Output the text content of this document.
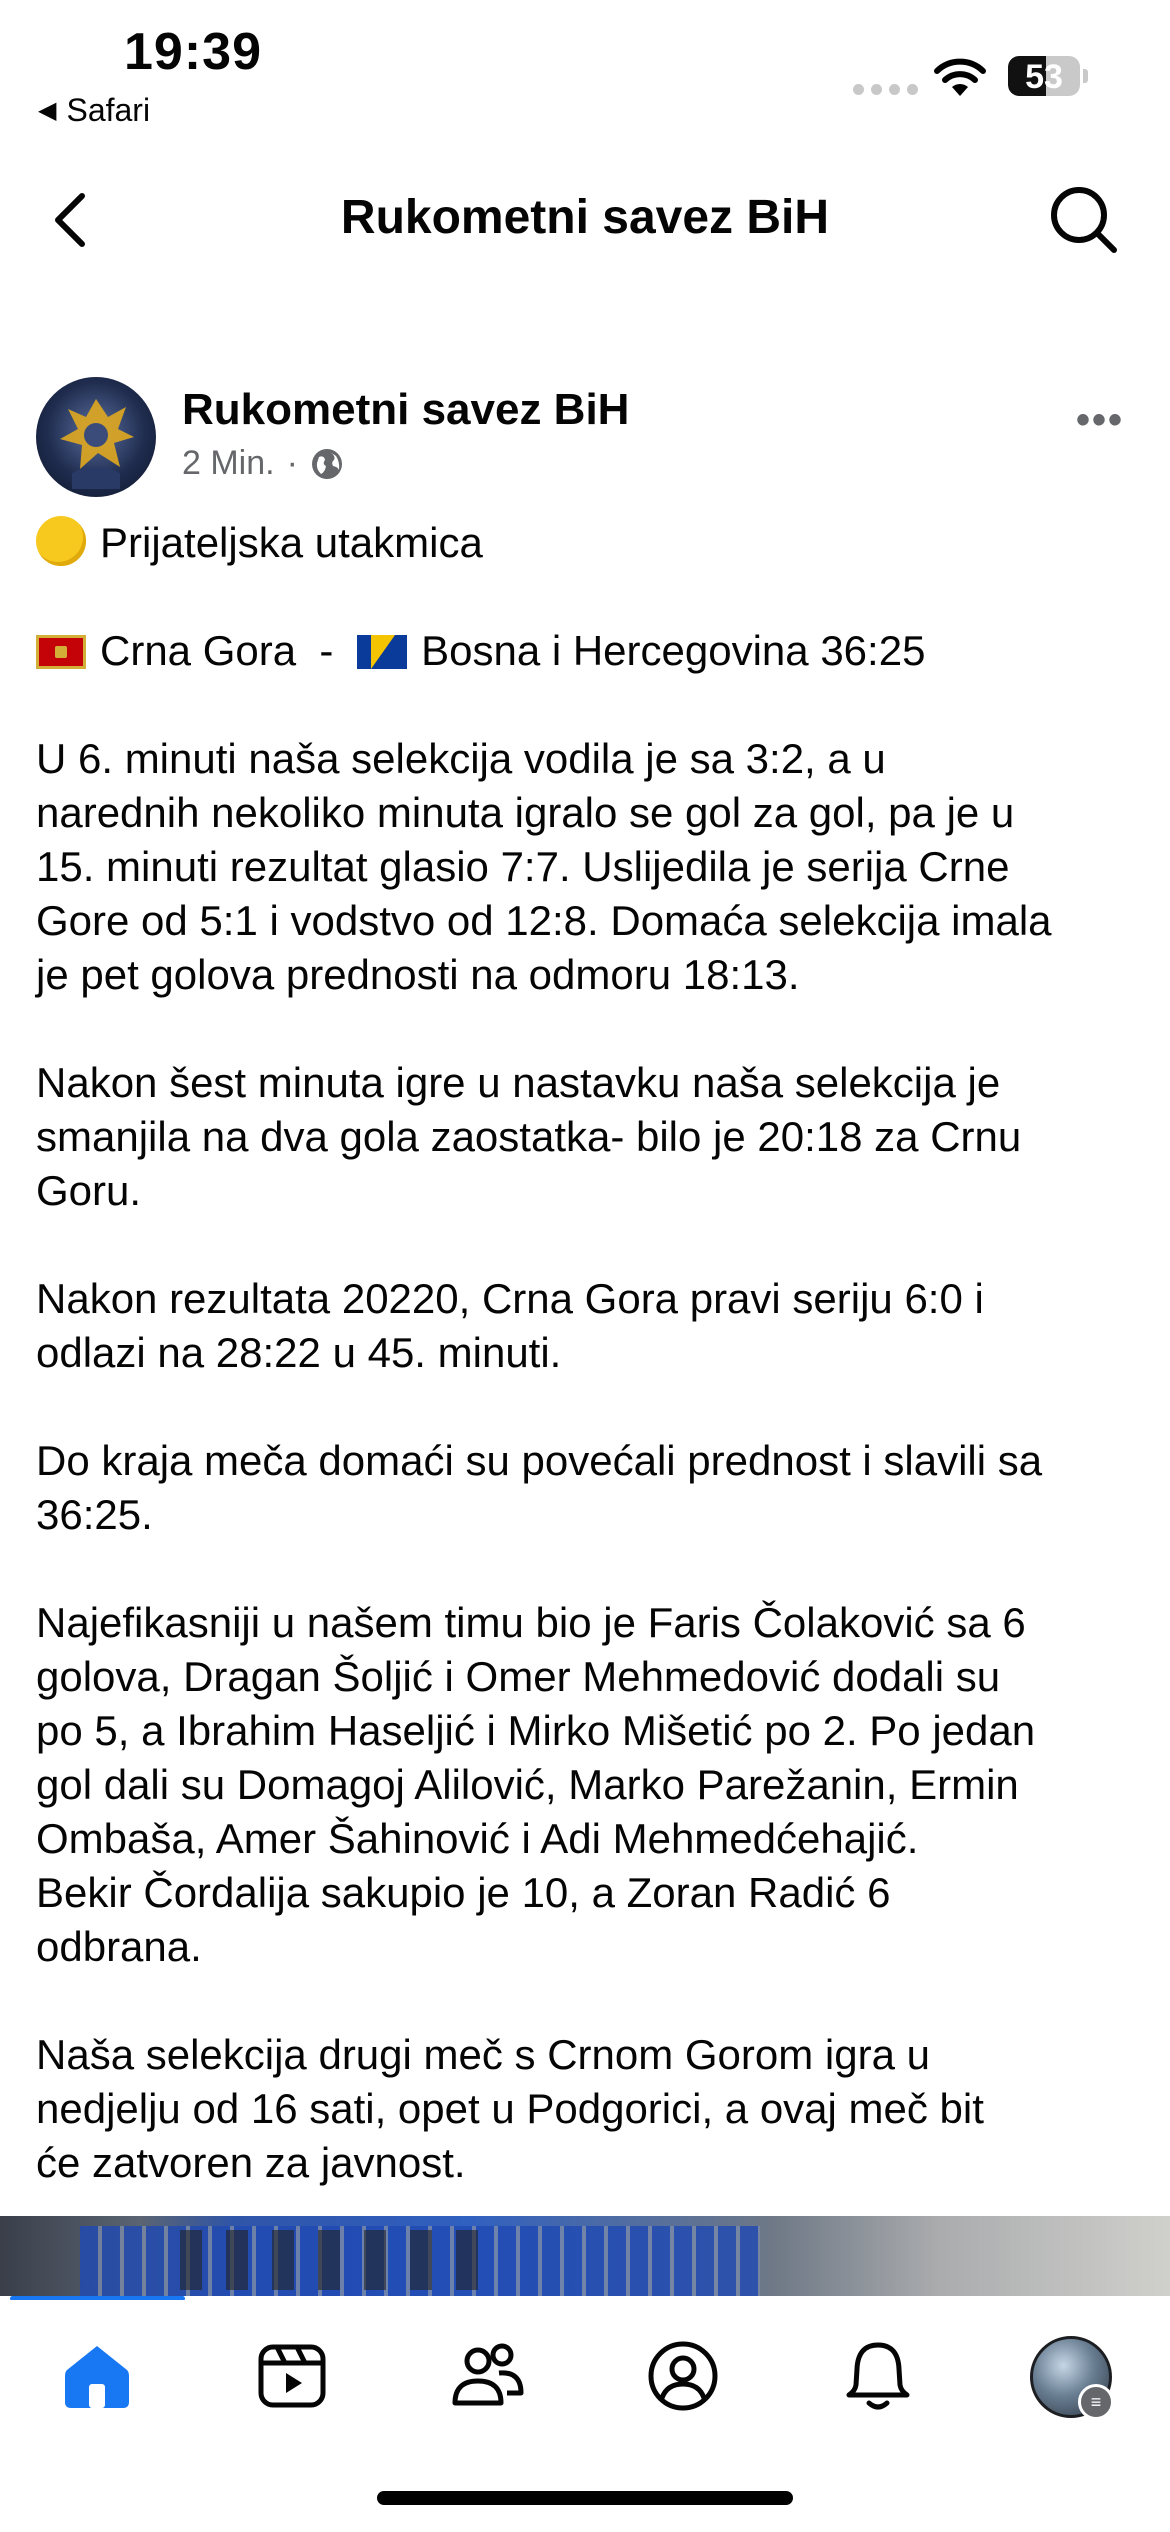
19:39
◀ Safari
53
Rukometni savez BiH
Rukometni savez BiH
2 Min. ·
•••

Prijateljska utakmica

Crna Gora - Bosna i Hercegovina 36:25

U 6. minuti naša selekcija vodila je sa 3:2, a u
narednih nekoliko minuta igralo se gol za gol, pa je u
15. minuti rezultat glasio 7:7. Uslijedila je serija Crne
Gore od 5:1 i vodstvo od 12:8. Domaća selekcija imala
je pet golova prednosti na odmoru 18:13.

Nakon šest minuta igre u nastavku naša selekcija je
smanjila na dva gola zaostatka- bilo je 20:18 za Crnu
Goru.

Nakon rezultata 20220, Crna Gora pravi seriju 6:0 i
odlazi na 28:22 u 45. minuti.

Do kraja meča domaći su povećali prednost i slavili sa
36:25.

Najefikasniji u našem timu bio je Faris Čolaković sa 6
golova, Dragan Šoljić i Omer Mehmedović dodali su
po 5, a Ibrahim Haseljić i Mirko Mišetić po 2. Po jedan
gol dali su Domagoj Alilović, Marko Parežanin, Ermin
Ombaša, Amer Šahinović i Adi Mehmedćehajić.
Bekir Čordalija sakupio je 10, a Zoran Radić 6
odbrana.

Naša selekcija drugi meč s Crnom Gorom igra u
nedjelju od 16 sati, opet u Podgorici, a ovaj meč bit
će zatvoren za javnost.

≡
